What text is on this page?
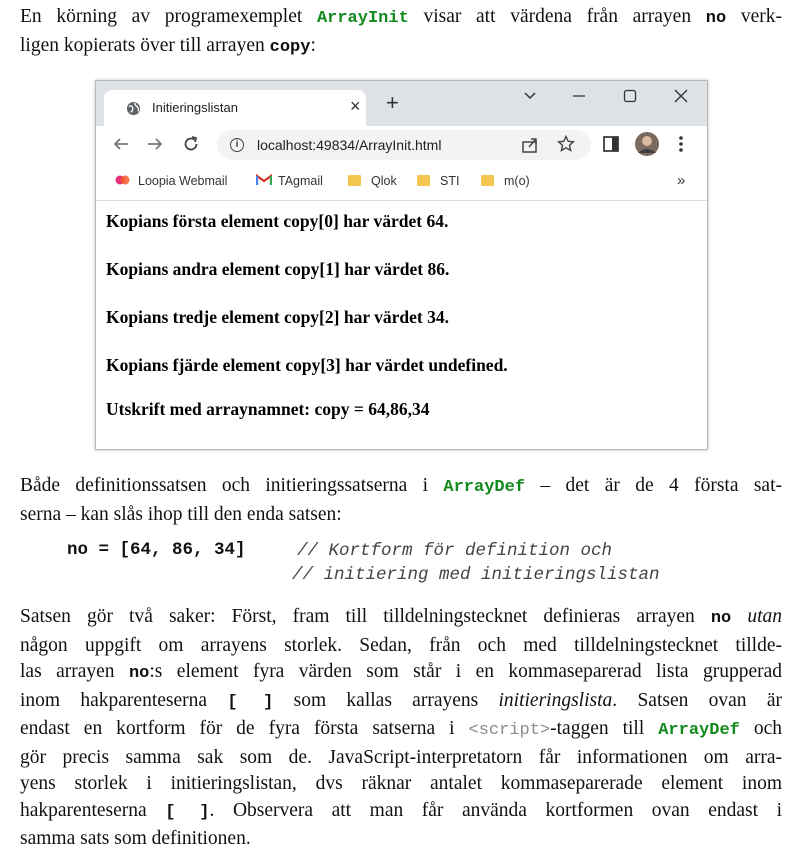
En körning av programexemplet ArrayInit visar att värdena från arrayen no verk-
ligen kopierats över till arrayen copy:

Initieringslistan	× +
i	localhost:49834/ArrayInit.html
Loopia Webmail	TAgmail	Qlok	STI	m(o)	»
Kopians första element copy[0] har värdet 64.
Kopians andra element copy[1] har värdet 86.
Kopians tredje element copy[2] har värdet 34.
Kopians fjärde element copy[3] har värdet undefined.
Utskrift med arraynamnet: copy = 64,86,34

Både definitionssatsen och initieringssatserna i ArrayDef – det är de 4 första sat-
serna – kan slås ihop till den enda satsen:

no = [64, 86, 34]	// Kortform för definition och
// initiering med initieringslistan

Satsen gör två saker: Först, fram till tilldelningstecknet definieras arrayen no utan
någon uppgift om arrayens storlek. Sedan, från och med tilldelningstecknet tillde-
las arrayen no:s element fyra värden som står i en kommaseparerad lista grupperad
inom hakparenteserna [ ] som kallas arrayens initieringslista. Satsen ovan är
endast en kortform för de fyra första satserna i <script>-taggen till ArrayDef och
gör precis samma sak som de. JavaScript-interpretatorn får informationen om arra-
yens storlek i initieringslistan, dvs räknar antalet kommaseparerade element inom
hakparenteserna [ ]. Observera att man får använda kortformen ovan endast i
samma sats som definitionen.
